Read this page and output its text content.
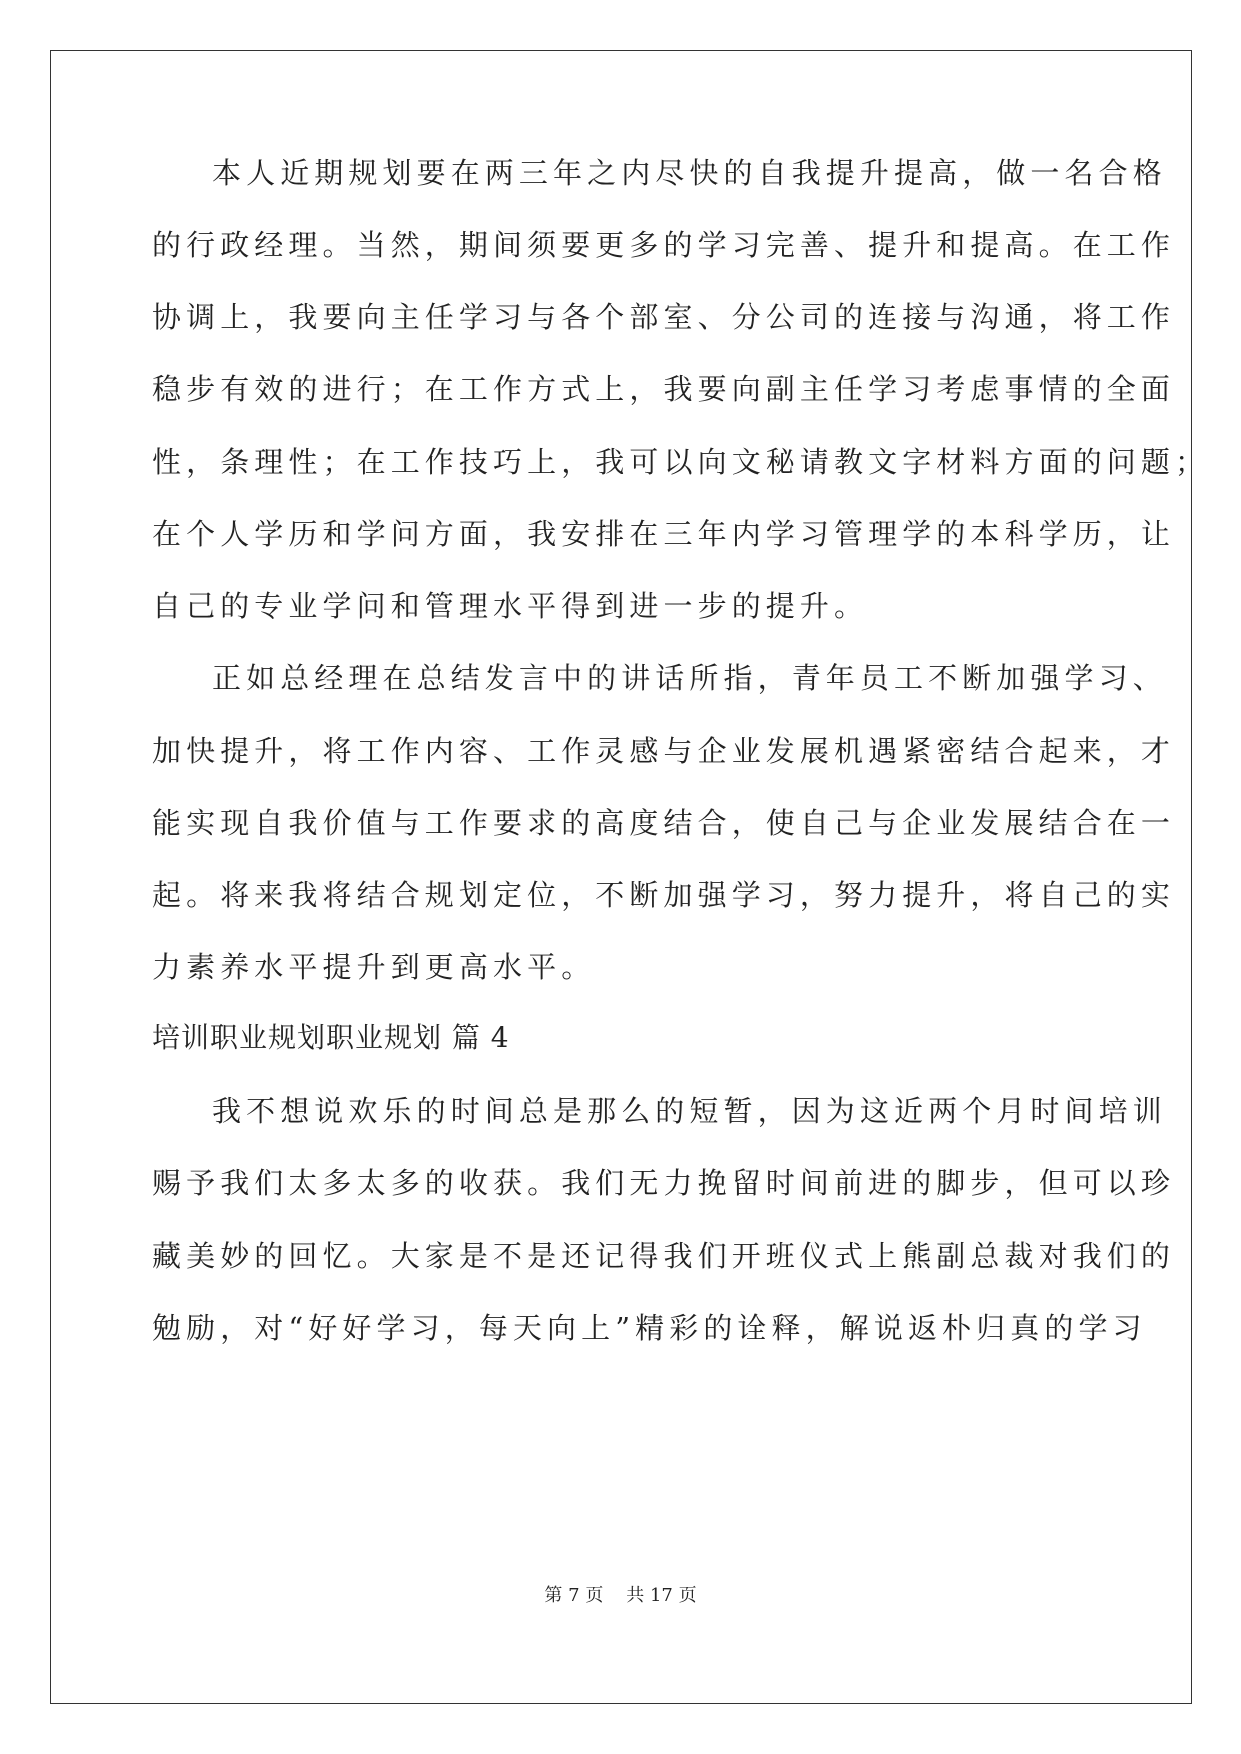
本人近期规划要在两三年之内尽快的自我提升提高，做一名合格
的行政经理。当然，期间须要更多的学习完善、提升和提高。在工作
协调上，我要向主任学习与各个部室、分公司的连接与沟通，将工作
稳步有效的进行；在工作方式上，我要向副主任学习考虑事情的全面
性，条理性；在工作技巧上，我可以向文秘请教文字材料方面的问题；
在个人学历和学问方面，我安排在三年内学习管理学的本科学历，让
自己的专业学问和管理水平得到进一步的提升。
正如总经理在总结发言中的讲话所指，青年员工不断加强学习、
加快提升，将工作内容、工作灵感与企业发展机遇紧密结合起来，才
能实现自我价值与工作要求的高度结合，使自己与企业发展结合在一
起。将来我将结合规划定位，不断加强学习，努力提升，将自己的实
力素养水平提升到更高水平。
培训职业规划职业规划 篇 4
我不想说欢乐的时间总是那么的短暂，因为这近两个月时间培训
赐予我们太多太多的收获。我们无力挽留时间前进的脚步，但可以珍
藏美妙的回忆。大家是不是还记得我们开班仪式上熊副总裁对我们的
勉励，对“好好学习，每天向上”精彩的诠释，解说返朴归真的学习
第 7 页 共 17 页
